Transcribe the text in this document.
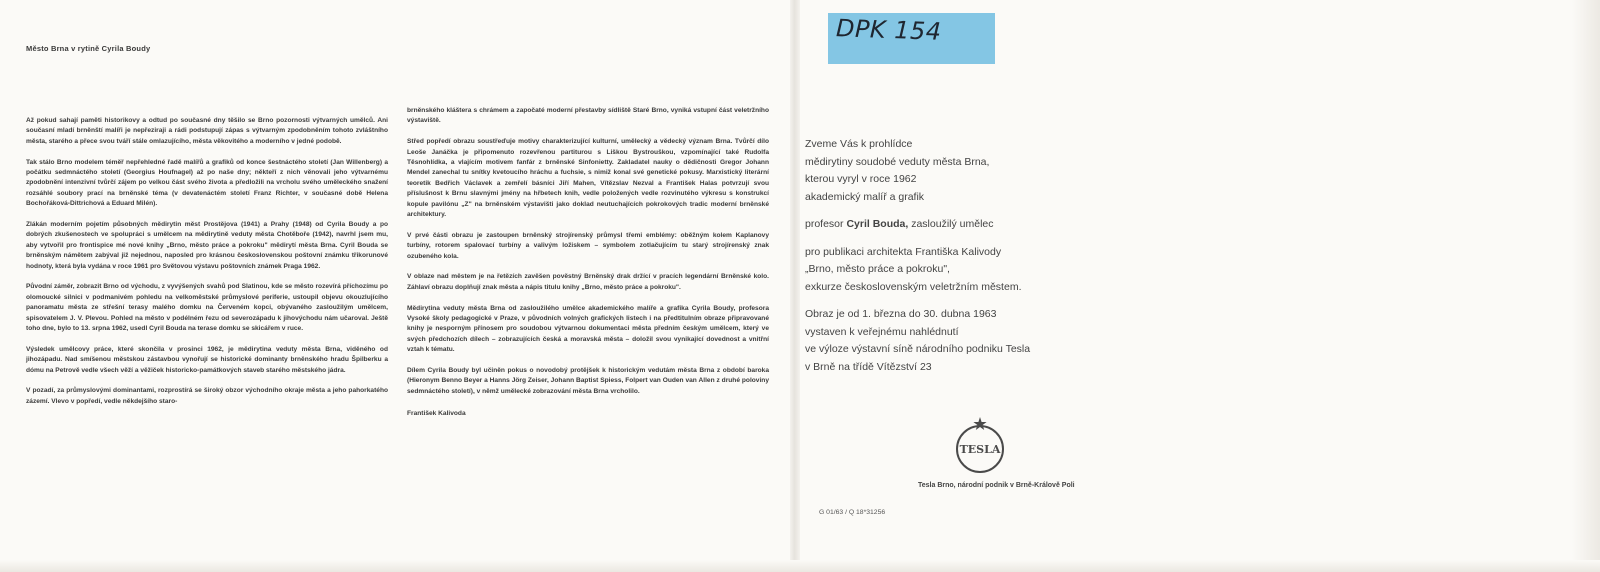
Město Brna v rytině Cyrila Boudy

Až pokud sahají paměti historikovy a odtud po současné dny těšilo se Brno pozornosti výtvarných umělců. Ani současní mladí brněnští malíři je nepřeziraji a rádi podstupují zápas s výtvarným zpodobněním tohoto zvláštního města, starého a přece svou tváří stále omlazujícího, města věkovitého a moderního v jedné podobě.

Tak stálo Brno modelem téměř nepřehledné řadě malířů a grafiků od konce šestnáctého století (Jan Willenberg) a počátku sedmnáctého století (Georgius Houfnagel) až po naše dny; někteří z nich věnovali jeho výtvarnému zpodobnění intenzivní tvůrčí zájem po velkou část svého života a předložili na vrcholu svého uměleckého snažení rozsáhlé soubory prací na brněnské téma (v devatenáctém století Franz Richter, v současné době Helena Bochořáková-Dittrichová a Eduard Milén).

Zlákán moderním pojetím působných mědirytin měst Prostějova (1941) a Prahy (1948) od Cyrila Boudy a po dobrých zkušenostech ve spolupráci s umělcem na mědirytině veduty města Chotěboře (1942), navrhl jsem mu, aby vytvořil pro frontispice mé nové knihy „Brno, město práce a pokroku" mědirytí města Brna. Cyril Bouda se brněnským námětem zabýval již nejednou, naposled pro krásnou československou poštovní známku třikorunové hodnoty, která byla vydána v roce 1961 pro Světovou výstavu poštovních známek Praga 1962.

Původní záměr, zobrazit Brno od východu, z vyvýšených svahů pod Slatinou, kde se město rozevírá příchozímu po olomoucké silnici v podmanivém pohledu na velkoměstské průmyslové periferie, ustoupil objevu okouzlujícího panoramatu města ze střešní terasy malého domku na Červeném kopci, obývaného zasloužilým umělcem, spisovatelem J. V. Plevou. Pohled na město v podélném řezu od severozápadu k jihovýchodu nám učaroval. Ještě toho dne, bylo to 13. srpna 1962, usedl Cyril Bouda na terase domku se skicářem v ruce.

Výsledek umělcovy práce, které skončila v prosinci 1962, je mědirytina veduty města Brna, viděného od jihozápadu. Nad smíšenou městskou zástavbou vynořují se historické dominanty brněnského hradu Špilberku a dómu na Petrově vedle všech věží a věžiček historicko-památkových staveb starého městského jádra.

V pozadí, za průmyslovými dominantami, rozprostírá se široký obzor východního okraje města a jeho pahorkatého zázemí. Vlevo v popředí, vedle někdejšího staro-

brněnského kláštera s chrámem a započaté moderní přestavby sídliště Staré Brno, vyniká vstupní část veletržního výstaviště.

Střed popředí obrazu soustřeďuje motivy charakterizující kulturní, umělecký a vědecký význam Brna. Tvůrčí dílo Leoše Janáčka je připomenuto rozevřenou partiturou s Liškou Bystrouškou, vzpomínající také Rudolfa Těsnohlídka, a vlajícím motivem fanfár z brněnské Sinfonietty. Zakladatel nauky o dědičnosti Gregor Johann Mendel zanechal tu snítky kvetoucího hráchu a fuchsie, s nimiž konal své genetické pokusy. Marxistický literární teoretik Bedřich Václavek a zemřelí básníci Jiří Mahen, Vítězslav Nezval a František Halas potvrzují svou příslušnost k Brnu slavnými jmény na hřbetech knih, vedle položených vedle rozvinutého výkresu s konstrukcí kopule pavilónu „Z" na brněnském výstavišti jako doklad neutuchajících pokrokových tradic moderní brněnské architektury.

V prvé části obrazu je zastoupen brněnský strojírenský průmysl třemi emblémy: oběžným kolem Kaplanovy turbíny, rotorem spalovací turbíny a valivým ložiskem – symbolem zotlačujícím tu starý strojírenský znak ozubeného kola.

V oblaze nad městem je na řetězích zavěšen pověstný Brněnský drak držící v pracích legendární Brněnské kolo. Záhlaví obrazu doplňují znak města a nápis titulu knihy „Brno, město práce a pokroku".

Mědirytina veduty města Brna od zasloužilého umělce akademického malíře a grafika Cyrila Boudy, profesora Vysoké školy pedagogické v Praze, v původních volných grafických listech i na předtitulním obraze připravované knihy je nesporným přínosem pro soudobou výtvarnou dokumentaci města předním českým umělcem, který ve svých předchozích dílech – zobrazujících česká a moravská města – doložil svou vynikající dovednost a vnitřní vztah k tématu.

Dílem Cyrila Boudy byl učiněn pokus o novodobý protějšek k historickým vedutám města Brna z období baroka (Hieronym Benno Beyer a Hanns Jörg Zeiser, Johann Baptist Spiess, Folpert van Ouden van Allen z druhé poloviny sedmnáctého století), v němž umělecké zobrazování města Brna vrcholilo.

František Kalivoda

DPK 154
Zveme Vás k prohlídce
mědirytiny soudobé veduty města Brna,
kterou vyryl v roce 1962
akademický malíř a grafik
profesor Cyril Bouda, zasloužilý umělec
pro publikaci architekta Františka Kalivody
„Brno, město práce a pokroku",
exkurze československým veletržním městem.
Obraz je od 1. března do 30. dubna 1963
vystaven k veřejnému nahlédnutí
ve výloze výstavní síně národního podniku Tesla
v Brně na třídě Vítězství 23
TESLA
Tesla Brno, národní podnik v Brně-Králově Poli
G 01/63 / Q 18*31256
